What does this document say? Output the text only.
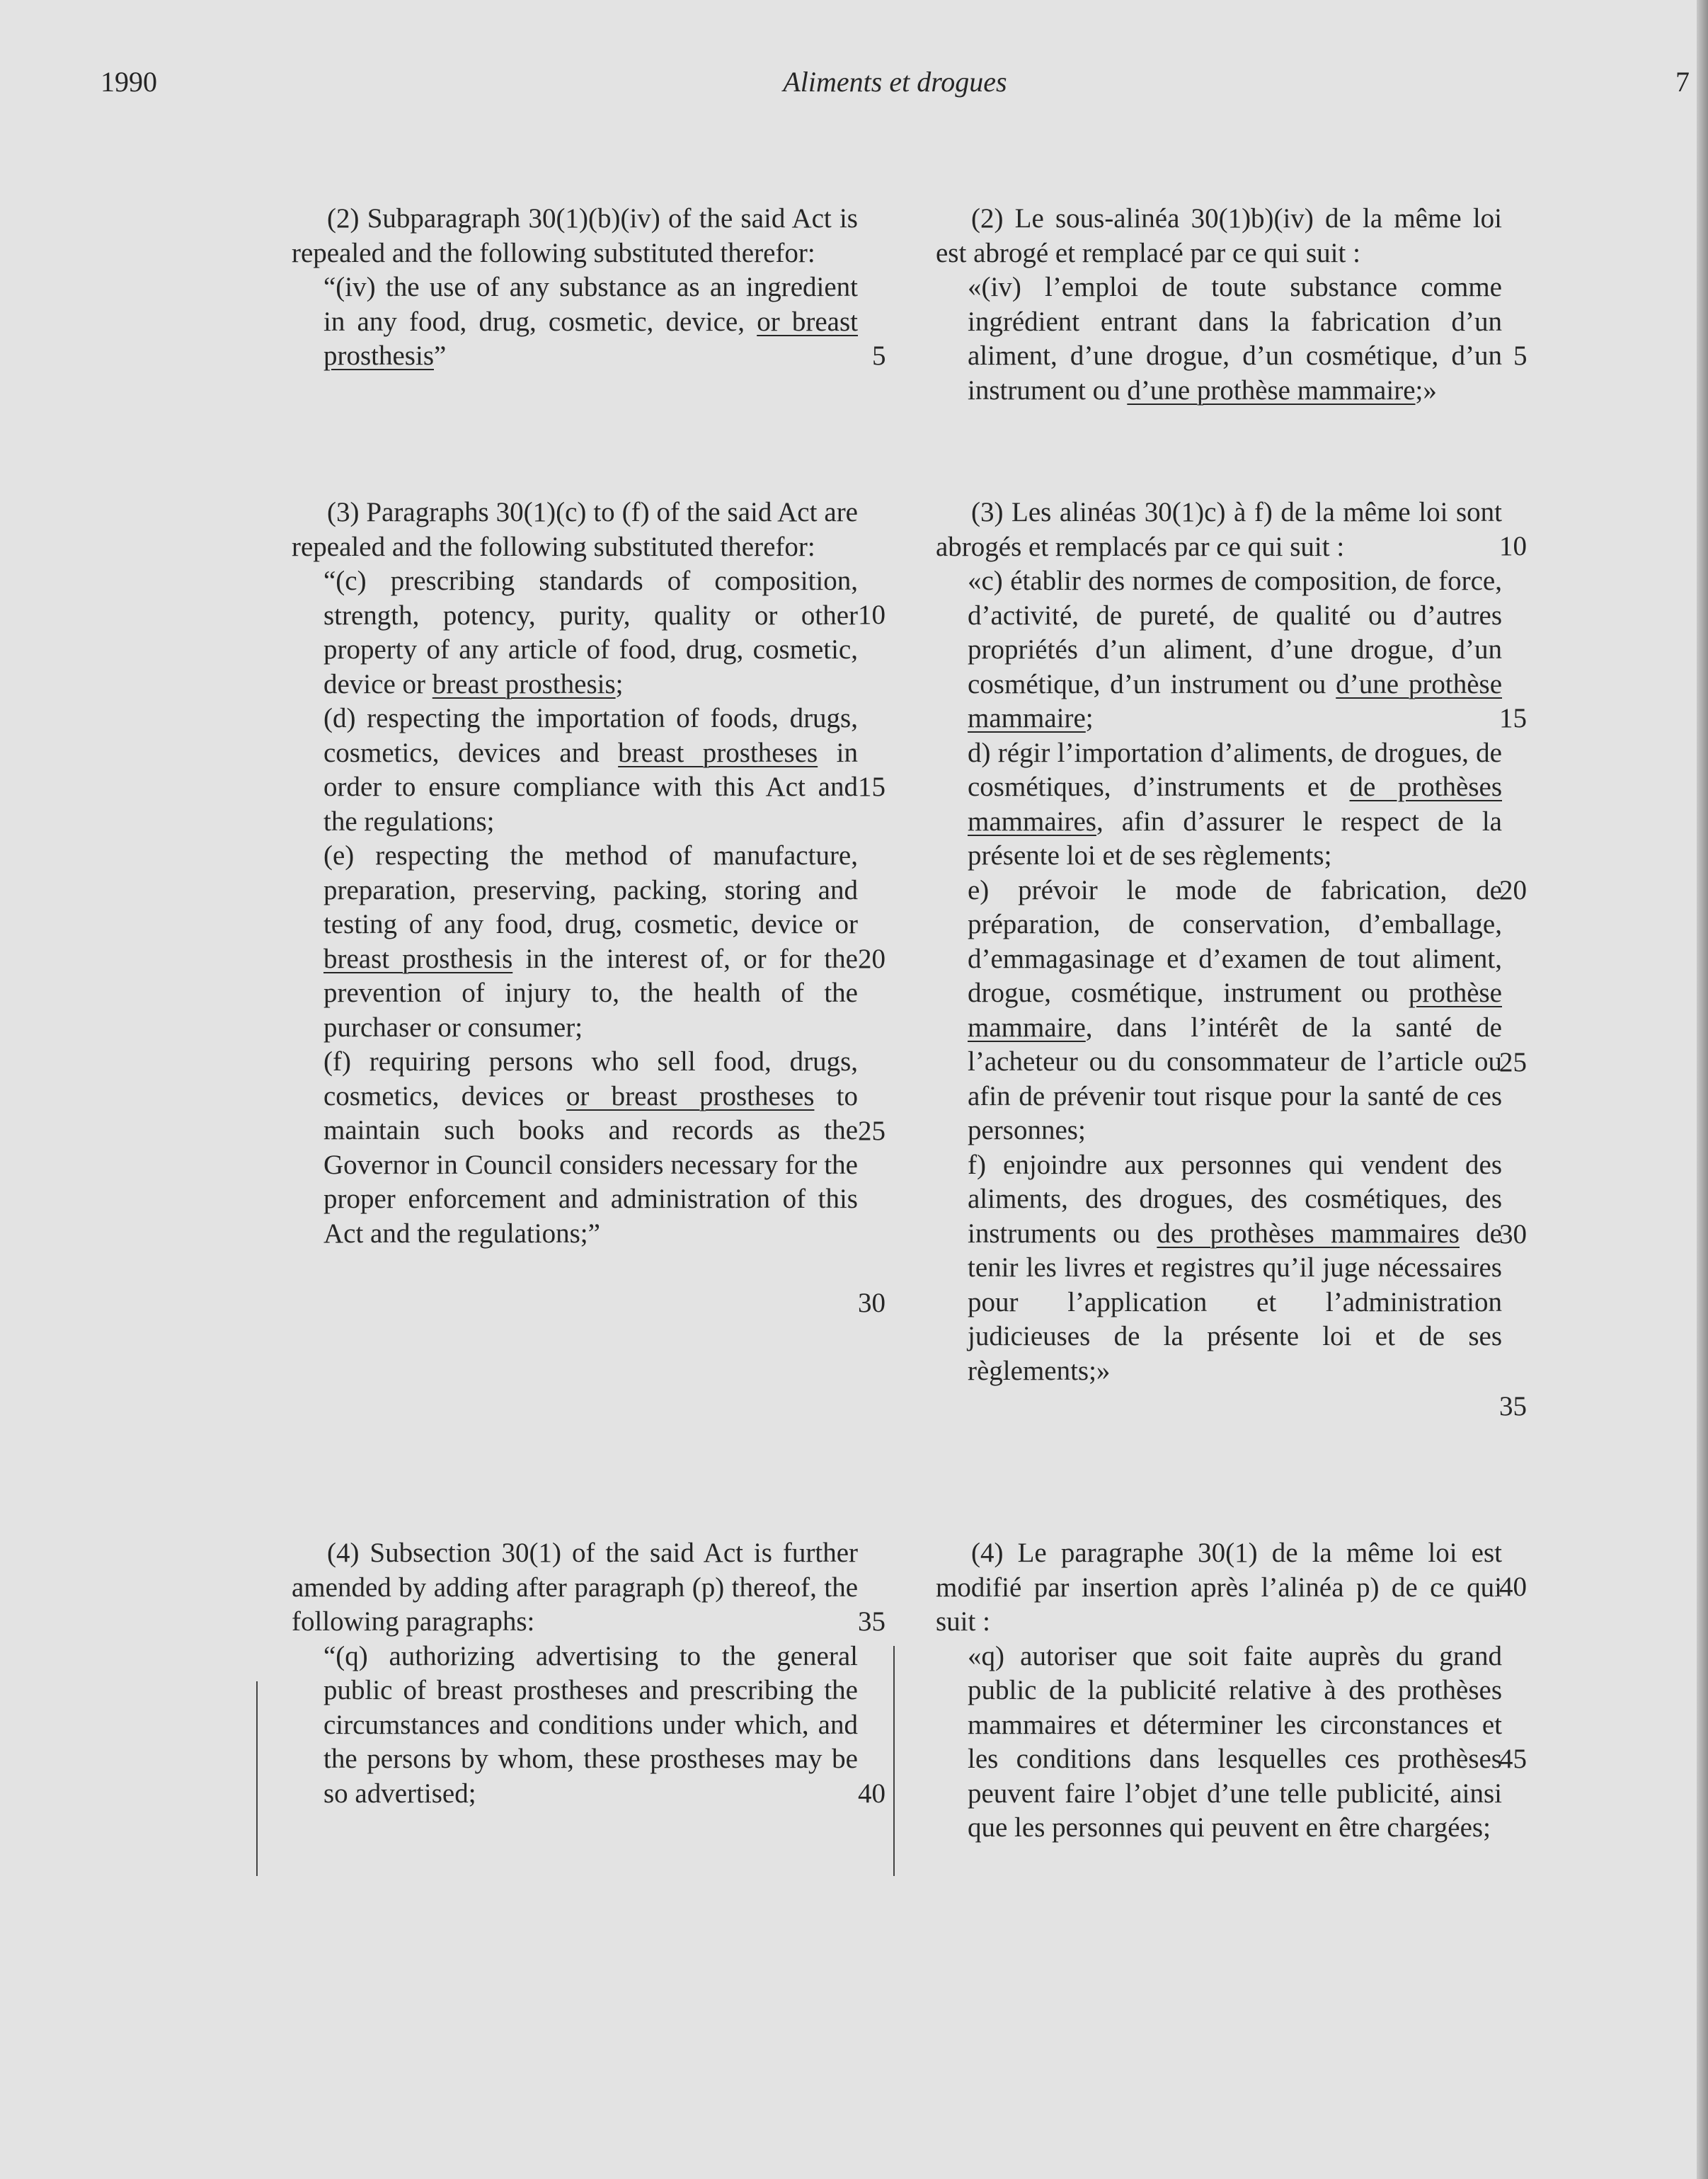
1990	Aliments et drogues	7

(2) Subparagraph 30(1)(b)(iv) of the said Act is repealed and the following substituted therefor:

“(iv) the use of any substance as an ingredient in any food, drug, cosmetic, device, or breast prosthesis”

(3) Paragraphs 30(1)(c) to (f) of the said Act are repealed and the following substituted therefor:

“(c) prescribing standards of composition, strength, potency, purity, quality or other property of any article of food, drug, cosmetic, device or breast prosthesis;

(d) respecting the importation of foods, drugs, cosmetics, devices and breast prostheses in order to ensure compliance with this Act and the regulations;

(e) respecting the method of manufacture, preparation, preserving, packing, storing and testing of any food, drug, cosmetic, device or breast prosthesis in the interest of, or for the prevention of injury to, the health of the purchaser or consumer;

(f) requiring persons who sell food, drugs, cosmetics, devices or breast prostheses to maintain such books and records as the Governor in Council considers necessary for the proper enforcement and administration of this Act and the regulations;”

(4) Subsection 30(1) of the said Act is further amended by adding after paragraph (p) thereof, the following paragraphs:

“(q) authorizing advertising to the general public of breast prostheses and prescribing the circumstances and conditions under which, and the persons by whom, these prostheses may be so advertised;

(2) Le sous-alinéa 30(1)b)(iv) de la même loi est abrogé et remplacé par ce qui suit :

«(iv) l’emploi de toute substance comme ingrédient entrant dans la fabrication d’un aliment, d’une drogue, d’un cosmétique, d’un instrument ou d’une prothèse mammaire;»

(3) Les alinéas 30(1)c) à f) de la même loi sont abrogés et remplacés par ce qui suit :

«c) établir des normes de composition, de force, d’activité, de pureté, de qualité ou d’autres propriétés d’un aliment, d’une drogue, d’un cosmétique, d’un instrument ou d’une prothèse mammaire;

d) régir l’importation d’aliments, de drogues, de cosmétiques, d’instruments et de prothèses mammaires, afin d’assurer le respect de la présente loi et de ses règlements;

e) prévoir le mode de fabrication, de préparation, de conservation, d’emballage, d’emmagasinage et d’examen de tout aliment, drogue, cosmétique, instrument ou prothèse mammaire, dans l’intérêt de la santé de l’acheteur ou du consommateur de l’article ou afin de prévenir tout risque pour la santé de ces personnes;

f) enjoindre aux personnes qui vendent des aliments, des drogues, des cosmétiques, des instruments ou des prothèses mammaires de tenir les livres et registres qu’il juge nécessaires pour l’application et l’administration judicieuses de la présente loi et de ses règlements;»

(4) Le paragraphe 30(1) de la même loi est modifié par insertion après l’alinéa p) de ce qui suit :

«q) autoriser que soit faite auprès du grand public de la publicité relative à des prothèses mammaires et déterminer les circonstances et les conditions dans lesquelles ces prothèses peuvent faire l’objet d’une telle publicité, ainsi que les personnes qui peuvent en être chargées;

5
10
15
20
25
30
35
40
5
10
15
20
25
30
35
40
45
